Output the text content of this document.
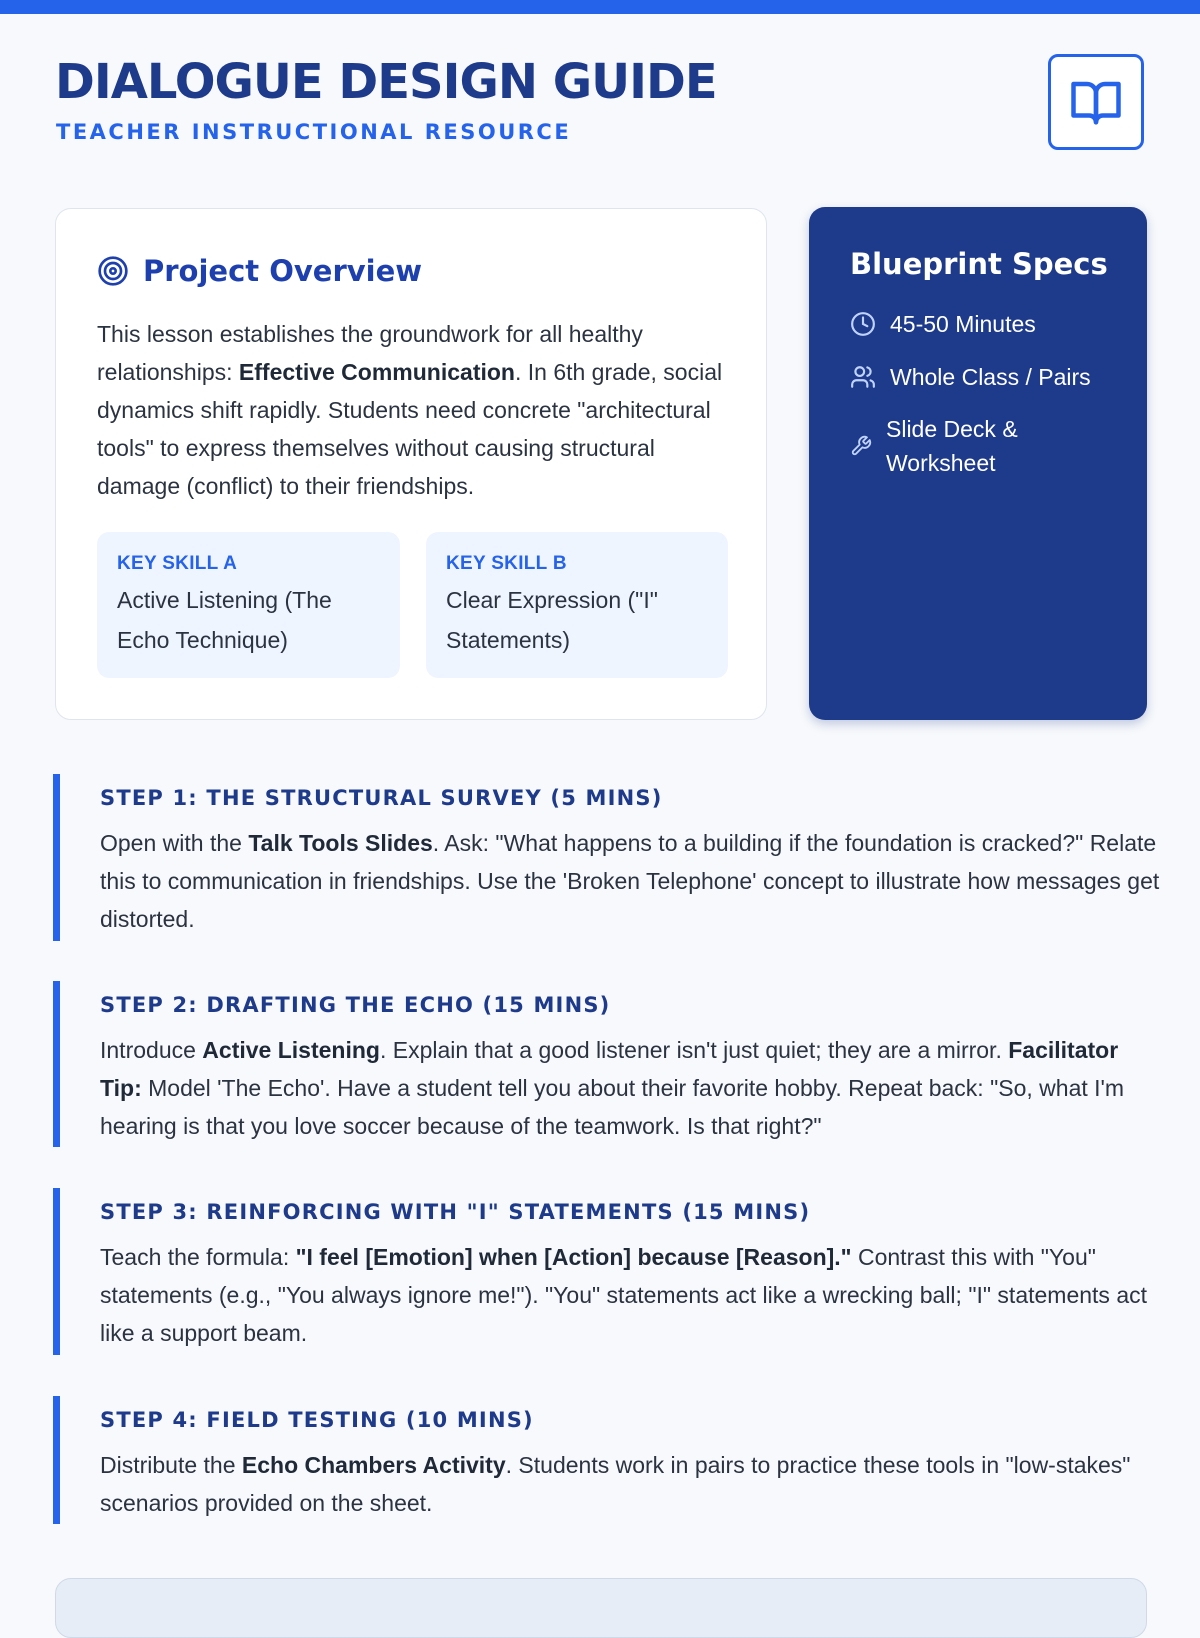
DIALOGUE DESIGN GUIDE
TEACHER INSTRUCTIONAL RESOURCE
Project Overview

This lesson establishes the groundwork for all healthy relationships: Effective Communication. In 6th grade, social dynamics shift rapidly. Students need concrete "architectural tools" to express themselves without causing structural damage (conflict) to their friendships.

KEY SKILL A
Active Listening (The Echo Technique)
KEY SKILL B
Clear Expression ("I" Statements)
Blueprint Specs
45-50 Minutes
Whole Class / Pairs
Slide Deck & Worksheet
STEP 1: THE STRUCTURAL SURVEY (5 MINS)

Open with the Talk Tools Slides. Ask: "What happens to a building if the foundation is cracked?" Relate this to communication in friendships. Use the 'Broken Telephone' concept to illustrate how messages get distorted.

STEP 2: DRAFTING THE ECHO (15 MINS)

Introduce Active Listening. Explain that a good listener isn't just quiet; they are a mirror. Facilitator Tip: Model 'The Echo'. Have a student tell you about their favorite hobby. Repeat back: "So, what I'm hearing is that you love soccer because of the teamwork. Is that right?"

STEP 3: REINFORCING WITH "I" STATEMENTS (15 MINS)

Teach the formula: "I feel [Emotion] when [Action] because [Reason]." Contrast this with "You" statements (e.g., "You always ignore me!"). "You" statements act like a wrecking ball; "I" statements act like a support beam.

STEP 4: FIELD TESTING (10 MINS)

Distribute the Echo Chambers Activity. Students work in pairs to practice these tools in "low-stakes" scenarios provided on the sheet.
